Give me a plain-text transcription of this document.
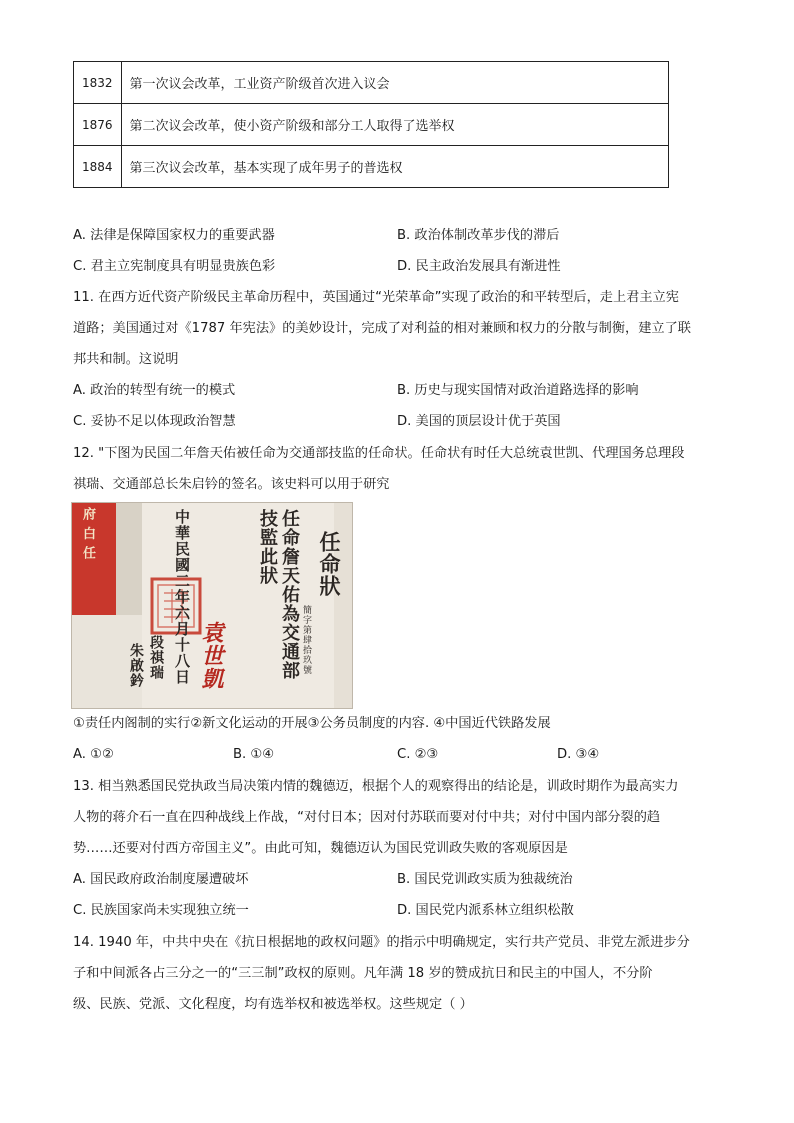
1832	第一次议会改革，工业资产阶级首次进入议会
1876	第二次议会改革，使小资产阶级和部分工人取得了选举权
1884	第三次议会改革，基本实现了成年男子的普选权
A. 法律是保障国家权力的重要武器	B. 政治体制改革步伐的滞后
C. 君主立宪制度具有明显贵族色彩	D. 民主政治发展具有渐进性
11. 在西方近代资产阶级民主革命历程中，英国通过“光荣革命”实现了政治的和平转型后，走上君主立宪
道路；美国通过对《1787 年宪法》的美妙设计，完成了对利益的相对兼顾和权力的分散与制衡，建立了联
邦共和制。这说明
A. 政治的转型有统一的模式	B. 历史与现实国情对政治道路选择的影响
C. 妥协不足以体现政治智慧	D. 美国的顶层设计优于英国
12. "下图为民国二年詹天佑被任命为交通部技监的任命状。任命状有时任大总统袁世凯、代理国务总理段
祺瑞、交通部总长朱启钤的签名。该史料可以用于研究
府 白 任	任命狀
簡字第肆拾玖號
任命詹天佑為交通部
技監此狀
中華民國二年六月十八日 袁世凱
段祺瑞
朱啟鈐
①责任内阁制的实行②新文化运动的开展③公务员制度的内容. ④中国近代铁路发展
A. ①②	B. ①④	C. ②③	D. ③④
13. 相当熟悉国民党执政当局决策内情的魏德迈，根据个人的观察得出的结论是，训政时期作为最高实力
人物的蒋介石一直在四种战线上作战，“对付日本；因对付苏联而要对付中共；对付中国内部分裂的趋
势……还要对付西方帝国主义”。由此可知，魏德迈认为国民党训政失败的客观原因是
A. 国民政府政治制度屡遭破坏	B. 国民党训政实质为独裁统治
C. 民族国家尚未实现独立统一	D. 国民党内派系林立组织松散
14. 1940 年，中共中央在《抗日根据地的政权问题》的指示中明确规定，实行共产党员、非党左派进步分
子和中间派各占三分之一的“三三制”政权的原则。凡年满 18 岁的赞成抗日和民主的中国人，不分阶
级、民族、党派、文化程度，均有选举权和被选举权。这些规定（ ）
